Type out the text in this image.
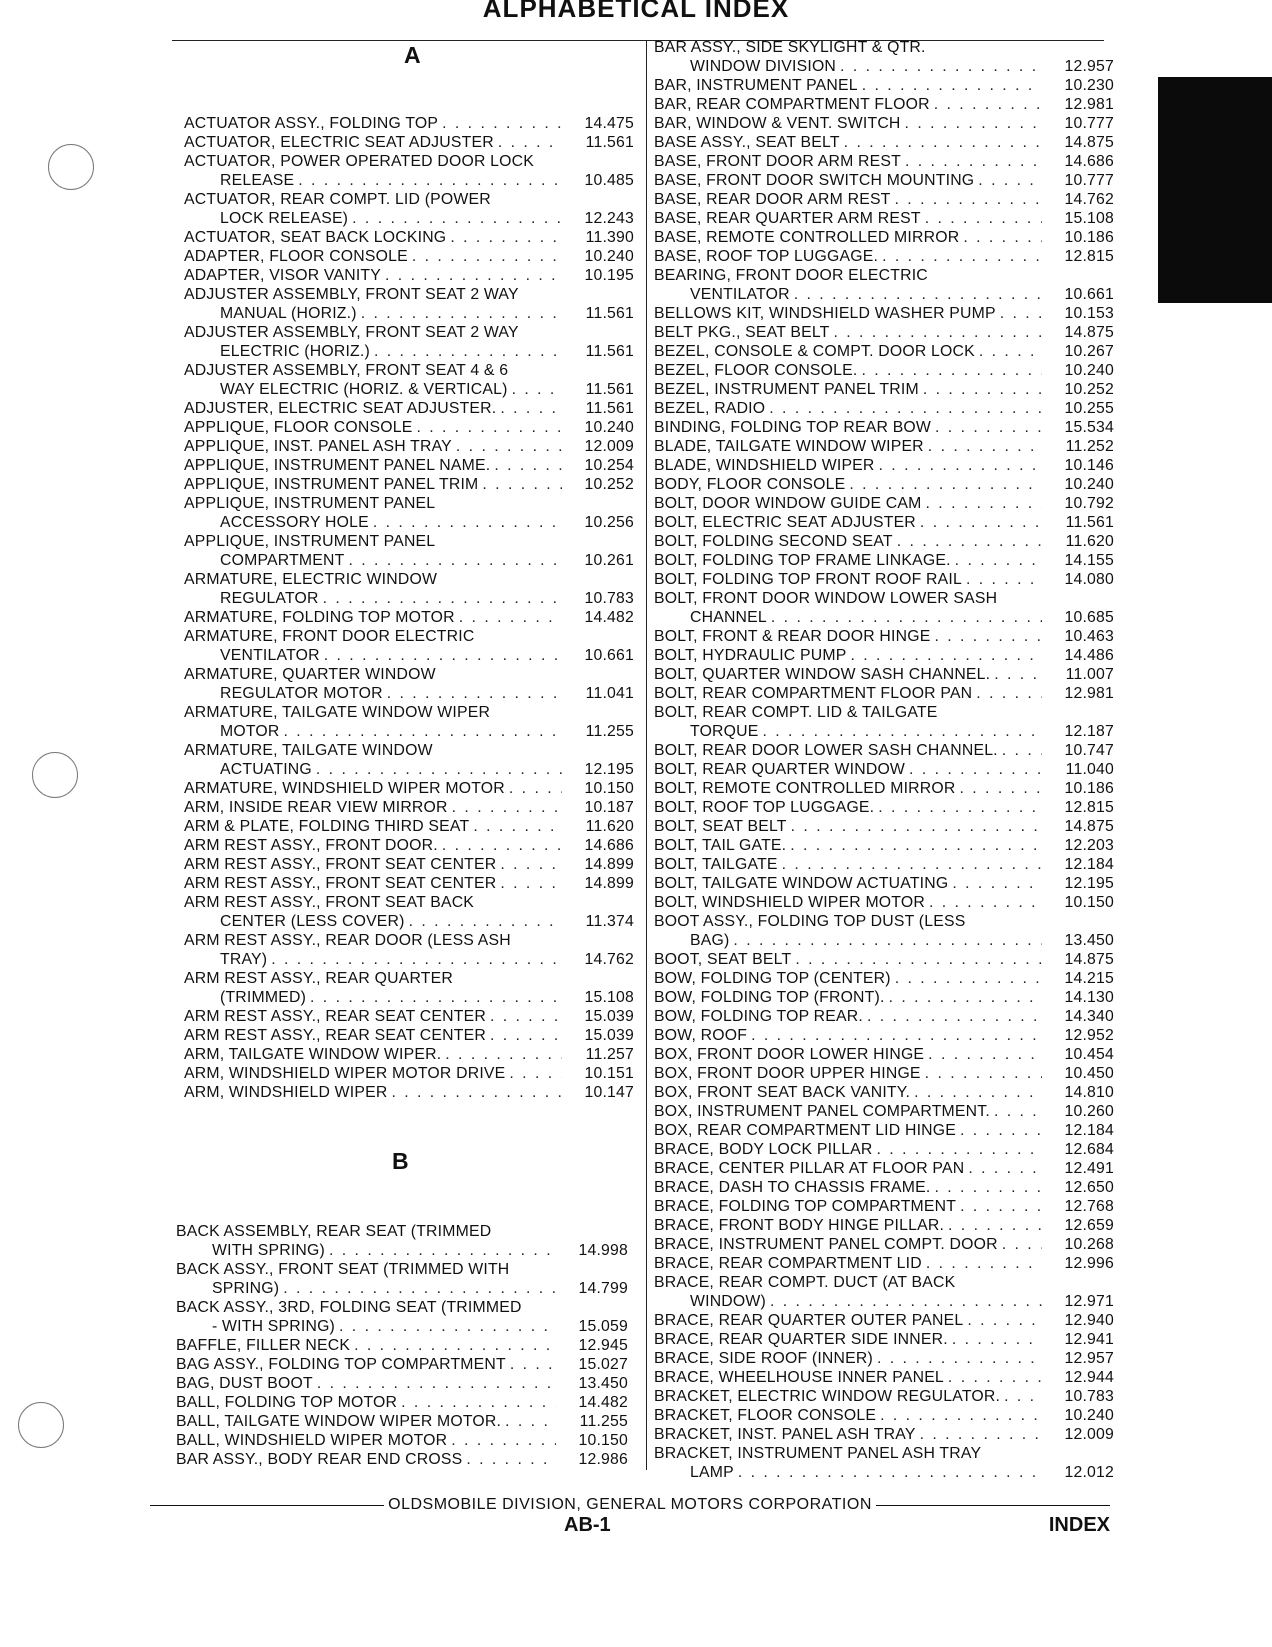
ALPHABETICAL INDEX
A
ACTUATOR ASSY., FOLDING TOP . . .	14.475
ACTUATOR, ELECTRIC SEAT ADJUSTER . . .	11.561
ACTUATOR, POWER OPERATED DOOR LOCK
RELEASE . . .	10.485
ACTUATOR, REAR COMPT. LID (POWER
LOCK RELEASE) . . .	12.243
ACTUATOR, SEAT BACK LOCKING . . .	11.390
ADAPTER, FLOOR CONSOLE . . .	10.240
ADAPTER, VISOR VANITY . . .	10.195
ADJUSTER ASSEMBLY, FRONT SEAT 2 WAY
MANUAL (HORIZ.) . . .	11.561
ADJUSTER ASSEMBLY, FRONT SEAT 2 WAY
ELECTRIC (HORIZ.) . . .	11.561
ADJUSTER ASSEMBLY, FRONT SEAT 4 & 6
WAY ELECTRIC (HORIZ. & VERTICAL) . . .	11.561
ADJUSTER, ELECTRIC SEAT ADJUSTER. . . .	11.561
APPLIQUE, FLOOR CONSOLE . . .	10.240
APPLIQUE, INST. PANEL ASH TRAY . . .	12.009
APPLIQUE, INSTRUMENT PANEL NAME. . . .	10.254
APPLIQUE, INSTRUMENT PANEL TRIM . . .	10.252
APPLIQUE, INSTRUMENT PANEL
ACCESSORY HOLE . . .	10.256
APPLIQUE, INSTRUMENT PANEL
COMPARTMENT . . .	10.261
ARMATURE, ELECTRIC WINDOW
REGULATOR . . .	10.783
ARMATURE, FOLDING TOP MOTOR . . .	14.482
ARMATURE, FRONT DOOR ELECTRIC
VENTILATOR . . .	10.661
ARMATURE, QUARTER WINDOW
REGULATOR MOTOR . . .	11.041
ARMATURE, TAILGATE WINDOW WIPER
MOTOR . . .	11.255
ARMATURE, TAILGATE WINDOW
ACTUATING . . .	12.195
ARMATURE, WINDSHIELD WIPER MOTOR . . .	10.150
ARM, INSIDE REAR VIEW MIRROR . . .	10.187
ARM & PLATE, FOLDING THIRD SEAT . . .	11.620
ARM REST ASSY., FRONT DOOR. . . .	14.686
ARM REST ASSY., FRONT SEAT CENTER . . .	14.899
ARM REST ASSY., FRONT SEAT CENTER . . .	14.899
ARM REST ASSY., FRONT SEAT BACK
CENTER (LESS COVER) . . .	11.374
ARM REST ASSY., REAR DOOR (LESS ASH
TRAY) . . .	14.762
ARM REST ASSY., REAR QUARTER
(TRIMMED) . . .	15.108
ARM REST ASSY., REAR SEAT CENTER . . .	15.039
ARM REST ASSY., REAR SEAT CENTER . . .	15.039
ARM, TAILGATE WINDOW WIPER. . . .	11.257
ARM, WINDSHIELD WIPER MOTOR DRIVE . . .	10.151
ARM, WINDSHIELD WIPER . . .	10.147
B
BACK ASSEMBLY, REAR SEAT (TRIMMED
WITH SPRING) . . .	14.998
BACK ASSY., FRONT SEAT (TRIMMED WITH
SPRING) . . .	14.799
BACK ASSY., 3RD, FOLDING SEAT (TRIMMED
- WITH SPRING) . . .	15.059
BAFFLE, FILLER NECK . . .	12.945
BAG ASSY., FOLDING TOP COMPARTMENT . . .	15.027
BAG, DUST BOOT . . .	13.450
BALL, FOLDING TOP MOTOR . . .	14.482
BALL, TAILGATE WINDOW WIPER MOTOR. . . .	11.255
BALL, WINDSHIELD WIPER MOTOR . . .	10.150
BAR ASSY., BODY REAR END CROSS . . .	12.986
BAR ASSY., SIDE SKYLIGHT & QTR.
WINDOW DIVISION . . .	12.957
BAR, INSTRUMENT PANEL . . .	10.230
BAR, REAR COMPARTMENT FLOOR . . .	12.981
BAR, WINDOW & VENT. SWITCH . . .	10.777
BASE ASSY., SEAT BELT . . .	14.875
BASE, FRONT DOOR ARM REST . . .	14.686
BASE, FRONT DOOR SWITCH MOUNTING . . .	10.777
BASE, REAR DOOR ARM REST . . .	14.762
BASE, REAR QUARTER ARM REST . . .	15.108
BASE, REMOTE CONTROLLED MIRROR . . .	10.186
BASE, ROOF TOP LUGGAGE. . . .	12.815
BEARING, FRONT DOOR ELECTRIC
VENTILATOR . . .	10.661
BELLOWS KIT, WINDSHIELD WASHER PUMP . . .	10.153
BELT PKG., SEAT BELT . . .	14.875
BEZEL, CONSOLE & COMPT. DOOR LOCK . . .	10.267
BEZEL, FLOOR CONSOLE. . . .	10.240
BEZEL, INSTRUMENT PANEL TRIM . . .	10.252
BEZEL, RADIO . . .	10.255
BINDING, FOLDING TOP REAR BOW . . .	15.534
BLADE, TAILGATE WINDOW WIPER . . .	11.252
BLADE, WINDSHIELD WIPER . . .	10.146
BODY, FLOOR CONSOLE . . .	10.240
BOLT, DOOR WINDOW GUIDE CAM . . .	10.792
BOLT, ELECTRIC SEAT ADJUSTER . . .	11.561
BOLT, FOLDING SECOND SEAT . . .	11.620
BOLT, FOLDING TOP FRAME LINKAGE. . . .	14.155
BOLT, FOLDING TOP FRONT ROOF RAIL . . .	14.080
BOLT, FRONT DOOR WINDOW LOWER SASH
CHANNEL . . .	10.685
BOLT, FRONT & REAR DOOR HINGE . . .	10.463
BOLT, HYDRAULIC PUMP . . .	14.486
BOLT, QUARTER WINDOW SASH CHANNEL. . . .	11.007
BOLT, REAR COMPARTMENT FLOOR PAN . . .	12.981
BOLT, REAR COMPT. LID & TAILGATE
TORQUE . . .	12.187
BOLT, REAR DOOR LOWER SASH CHANNEL. . . .	10.747
BOLT, REAR QUARTER WINDOW . . .	11.040
BOLT, REMOTE CONTROLLED MIRROR . . .	10.186
BOLT, ROOF TOP LUGGAGE. . . .	12.815
BOLT, SEAT BELT . . .	14.875
BOLT, TAIL GATE. . . .	12.203
BOLT, TAILGATE . . .	12.184
BOLT, TAILGATE WINDOW ACTUATING . . .	12.195
BOLT, WINDSHIELD WIPER MOTOR . . .	10.150
BOOT ASSY., FOLDING TOP DUST (LESS
BAG) . . .	13.450
BOOT, SEAT BELT . . .	14.875
BOW, FOLDING TOP (CENTER) . . .	14.215
BOW, FOLDING TOP (FRONT). . . .	14.130
BOW, FOLDING TOP REAR. . . .	14.340
BOW, ROOF . . .	12.952
BOX, FRONT DOOR LOWER HINGE . . .	10.454
BOX, FRONT DOOR UPPER HINGE . . .	10.450
BOX, FRONT SEAT BACK VANITY. . . .	14.810
BOX, INSTRUMENT PANEL COMPARTMENT. . . .	10.260
BOX, REAR COMPARTMENT LID HINGE . . .	12.184
BRACE, BODY LOCK PILLAR . . .	12.684
BRACE, CENTER PILLAR AT FLOOR PAN . . .	12.491
BRACE, DASH TO CHASSIS FRAME. . . .	12.650
BRACE, FOLDING TOP COMPARTMENT . . .	12.768
BRACE, FRONT BODY HINGE PILLAR. . . .	12.659
BRACE, INSTRUMENT PANEL COMPT. DOOR . . .	10.268
BRACE, REAR COMPARTMENT LID . . .	12.996
BRACE, REAR COMPT. DUCT (AT BACK
WINDOW) . . .	12.971
BRACE, REAR QUARTER OUTER PANEL . . .	12.940
BRACE, REAR QUARTER SIDE INNER. . . .	12.941
BRACE, SIDE ROOF (INNER) . . .	12.957
BRACE, WHEELHOUSE INNER PANEL . . .	12.944
BRACKET, ELECTRIC WINDOW REGULATOR. . . .	10.783
BRACKET, FLOOR CONSOLE . . .	10.240
BRACKET, INST. PANEL ASH TRAY . . .	12.009
BRACKET, INSTRUMENT PANEL ASH TRAY
LAMP . . .	12.012
OLDSMOBILE DIVISION, GENERAL MOTORS CORPORATION
AB-1	INDEX
